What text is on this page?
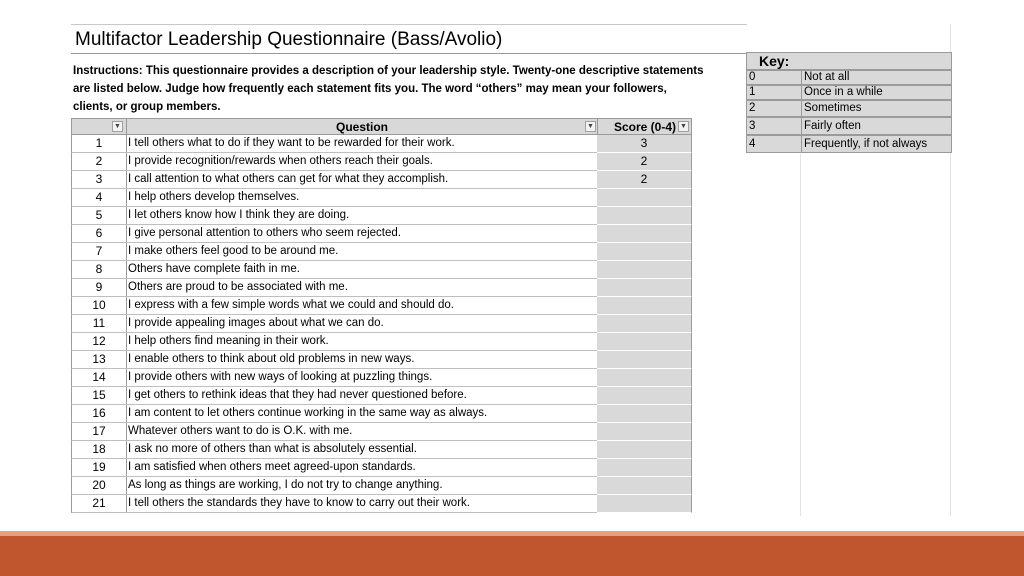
Multifactor Leadership Questionnaire (Bass/Avolio)
Instructions: This questionnaire provides a description of your leadership style. Twenty-one descriptive statements
are listed below. Judge how frequently each statement fits you. The word “others” may mean your followers,
clients, or group members.
▼	Question	▼	Score (0-4) ▼
1	I tell others what to do if they want to be rewarded for their work.	3
2	I provide recognition/rewards when others reach their goals.	2
3	I call attention to what others can get for what they accomplish.	2
4	I help others develop themselves.
5	I let others know how I think they are doing.
6	I give personal attention to others who seem rejected.
7	I make others feel good to be around me.
8	Others have complete faith in me.
9	Others are proud to be associated with me.
10	I express with a few simple words what we could and should do.
11	I provide appealing images about what we can do.
12	I help others find meaning in their work.
13	I enable others to think about old problems in new ways.
14	I provide others with new ways of looking at puzzling things.
15	I get others to rethink ideas that they had never questioned before.
16	I am content to let others continue working in the same way as always.
17	Whatever others want to do is O.K. with me.
18	I ask no more of others than what is absolutely essential.
19	I am satisfied when others meet agreed-upon standards.
20	As long as things are working, I do not try to change anything.
21	I tell others the standards they have to know to carry out their work.
Key:
0	Not at all
1	Once in a while
2	Sometimes
3	Fairly often
4	Frequently, if not always
